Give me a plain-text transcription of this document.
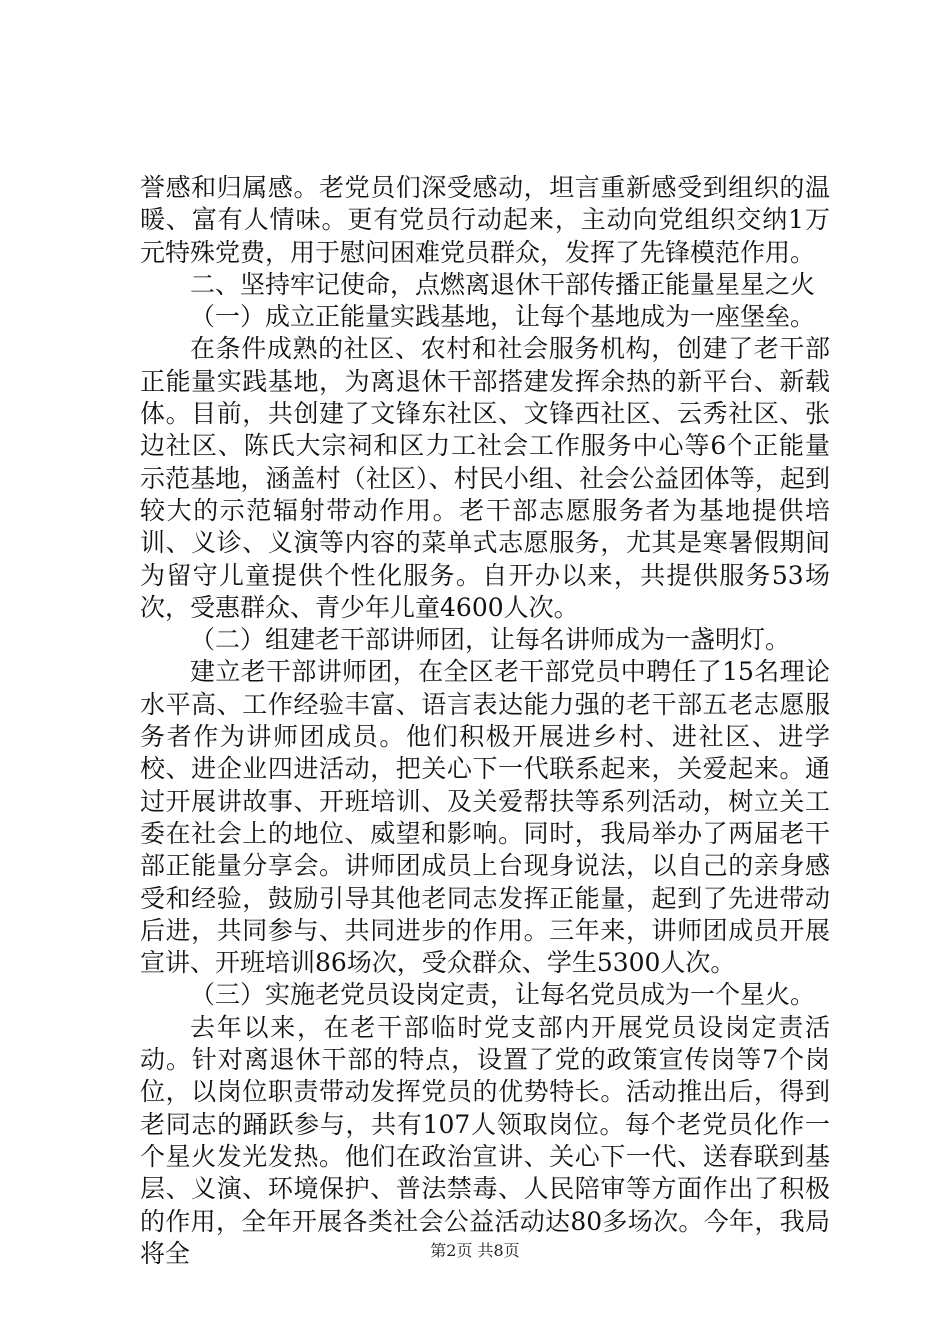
誉感和归属感。老党员们深受感动，坦言重新感受到组织的温暖、富有人情味。更有党员行动起来，主动向党组织交纳1万元特殊党费，用于慰问困难党员群众，发挥了先锋模范作用。

二、坚持牢记使命，点燃离退休干部传播正能量星星之火

（一）成立正能量实践基地，让每个基地成为一座堡垒。

在条件成熟的社区、农村和社会服务机构，创建了老干部正能量实践基地，为离退休干部搭建发挥余热的新平台、新载体。目前，共创建了文锋东社区、文锋西社区、云秀社区、张边社区、陈氏大宗祠和区力工社会工作服务中心等6个正能量示范基地，涵盖村（社区）、村民小组、社会公益团体等，起到较大的示范辐射带动作用。老干部志愿服务者为基地提供培训、义诊、义演等内容的菜单式志愿服务，尤其是寒暑假期间为留守儿童提供个性化服务。自开办以来，共提供服务53场次，受惠群众、青少年儿童4600人次。

（二）组建老干部讲师团，让每名讲师成为一盏明灯。

建立老干部讲师团，在全区老干部党员中聘任了15名理论水平高、工作经验丰富、语言表达能力强的老干部五老志愿服务者作为讲师团成员。他们积极开展进乡村、进社区、进学校、进企业四进活动，把关心下一代联系起来，关爱起来。通过开展讲故事、开班培训、及关爱帮扶等系列活动，树立关工委在社会上的地位、威望和影响。同时，我局举办了两届老干部正能量分享会。讲师团成员上台现身说法，以自己的亲身感受和经验，鼓励引导其他老同志发挥正能量，起到了先进带动后进，共同参与、共同进步的作用。三年来，讲师团成员开展宣讲、开班培训86场次，受众群众、学生5300人次。

（三）实施老党员设岗定责，让每名党员成为一个星火。

去年以来，在老干部临时党支部内开展党员设岗定责活动。针对离退休干部的特点，设置了党的政策宣传岗等7个岗位，以岗位职责带动发挥党员的优势特长。活动推出后，得到老同志的踊跃参与，共有107人领取岗位。每个老党员化作一个星火发光发热。他们在政治宣讲、关心下一代、送春联到基层、义演、环境保护、普法禁毒、人民陪审等方面作出了积极的作用，全年开展各类社会公益活动达80多场次。今年，我局将全	第2页 共8页
